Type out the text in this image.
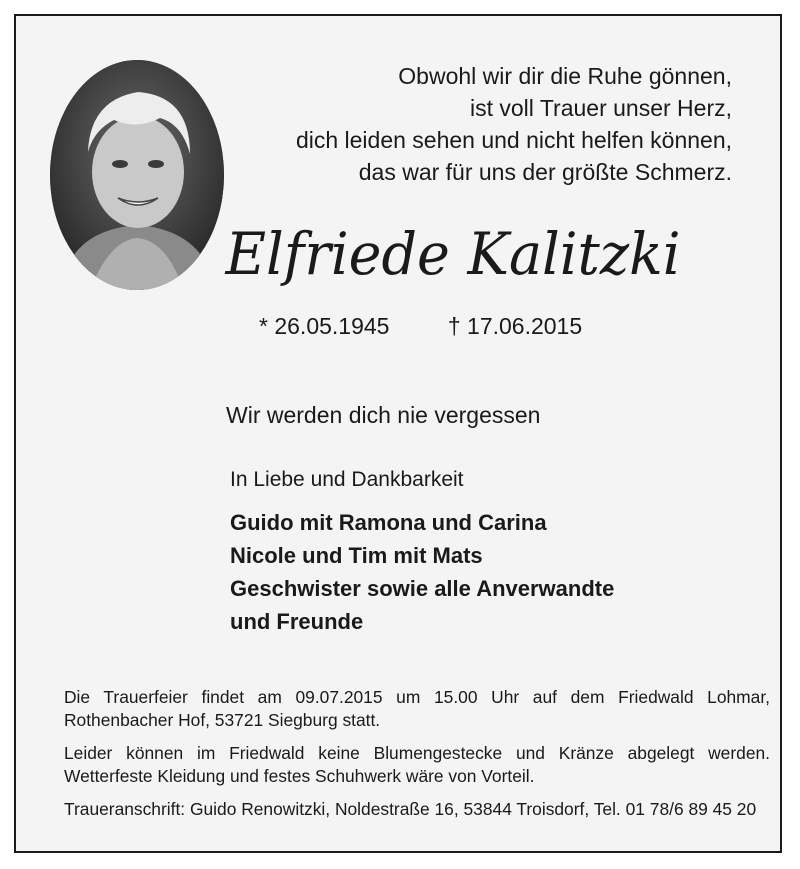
Obwohl wir dir die Ruhe gönnen,
ist voll Trauer unser Herz,
dich leiden sehen und nicht helfen können,
das war für uns der größte Schmerz.
Elfriede Kalitzki
* 26.05.1945	† 17.06.2015
Wir werden dich nie vergessen
In Liebe und Dankbarkeit
Guido mit Ramona und Carina
Nicole und Tim mit Mats
Geschwister sowie alle Anverwandte
und Freunde

Die Trauerfeier findet am 09.07.2015 um 15.00 Uhr auf dem Friedwald Lohmar, Rothenbacher Hof, 53721 Siegburg statt.

Leider können im Friedwald keine Blumengestecke und Kränze abgelegt werden. Wetterfeste Kleidung und festes Schuhwerk wäre von Vorteil.

Traueranschrift: Guido Renowitzki, Noldestraße 16, 53844 Troisdorf, Tel. 01 78/6 89 45 20
